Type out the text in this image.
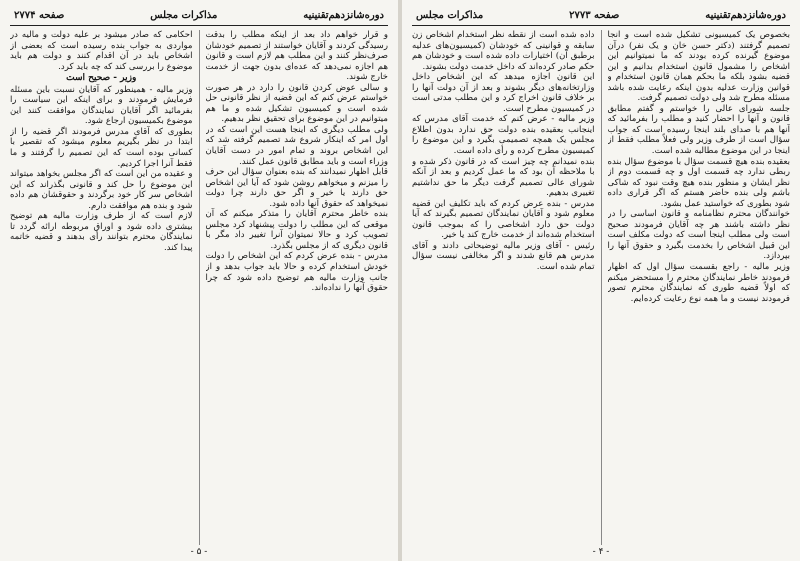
دوره‌شانزدهم‌تقنینیه
مذاکرات مجلس
صفحه ۲۷۷۴

و قرار خواهم داد بعد از اینکه مطلب را بدقت رسیدگی کردند و آقایان خواستند از تصمیم خودشان صرف‌نظر کنند و این مطلب هم لازم است و قانون هم اجازه نمی‌دهد که عده‌ای بدون جهت از خدمت خارج شوند.

و سالی عوض کردن قانون را دارد در هر صورت خواستم عرض کنم که این قضیه از نظر قانونی حل شده است و کمیسیون تشکیل شده و ما هم میتوانیم در این موضوع برای تحقیق نظر بدهیم.

ولی مطلب دیگری که اینجا هست این است که در اول امر که اینکار شروع شد تصمیم گرفته شد که این اشخاص بروند و تمام امور در دست آقایان وزراء است و باید مطابق قانون عمل کنند.

قابل اظهار نمیدانند که بنده بعنوان سؤال این حرف را میزنم و میخواهم روشن شود که آیا این اشخاص حق دارند یا خیر و اگر حق دارند چرا دولت نمیخواهد که حقوق آنها داده شود.

بنده خاطر محترم آقایان را متذکر میکنم که آن موقعی که این مطلب را دولت پیشنهاد کرد مجلس تصویب کرد و حالا نمیتوان آنرا تغییر داد مگر با قانون دیگری که از مجلس بگذرد.

مدرس - بنده عرض کردم که این اشخاص را دولت خودش استخدام کرده و حالا باید جواب بدهد و از جانب وزارت مالیه هم توضیح داده شود که چرا حقوق آنها را نداده‌اند.

احکامی که صادر میشود بر علیه دولت و مالیه در مواردی به جواب بنده رسیده است که بعضی از اشخاص باید در آن اقدام کنند و دولت هم باید موضوع را بررسی کند که چه باید کرد.

وزیر - صحیح است

وزیر مالیه - همینطور که آقایان نسبت باین مسئله فرمایش فرمودند و برای اینکه این سیاست را بفرمائید اگر آقایان نمایندگان موافقت کنند این موضوع بکمیسیون ارجاع شود.

بطوری که آقای مدرس فرمودند اگر قضیه را از ابتدا در نظر بگیریم معلوم میشود که تقصیر با کسانی بوده است که این تصمیم را گرفتند و ما فقط آنرا اجرا کردیم.

و عقیده من این است که اگر مجلس بخواهد میتواند این موضوع را حل کند و قانونی بگذراند که این اشخاص سر کار خود برگردند و حقوقشان هم داده شود و بنده هم موافقت دارم.

لازم است که از طرف وزارت مالیه هم توضیح بیشتری داده شود و اوراق مربوطه ارائه گردد تا نمایندگان محترم بتوانند رأی بدهند و قضیه خاتمه پیدا کند.

- ۵ -
دوره‌شانزدهم‌تقنینیه
صفحه ۲۷۷۳
مذاکرات مجلس

بخصوص یک کمیسیونی تشکیل شده است و آنجا تصمیم گرفتند (دکتر حسن خان و یک نفر) درآن موضوع گیرنده کرده بودند که ما نمیتوانیم این اشخاص را مشمول قانون استخدام بدانیم و این قضیه بشود بلکه ما بحکم همان قانون استخدام و قوانین وزارت عدلیه بدون اینکه رعایت شده باشد مسئله مطرح شد ولی دولت تصمیم گرفت.

جلسه شورای عالی را خواستم و گفتم مطابق قانون و آنها را احضار کنید و مطلب را بفرمائید که آنها هم با صدای بلند اینجا رسیده است که جواب سؤال است از طرف وزیر ولی فعلاً مطلب فقط از اینجا در این موضوع مطالبه شده است.

بعقیده بنده هیچ قسمت سؤال با موضوع سؤال بنده ربطی ندارد چه قسمت اول و چه قسمت دوم از نظر ایشان و منظور بنده هیچ وقت نبود که شاکی باشم ولی بنده حاضر هستم که اگر قراری داده شود بطوری که خواستید عمل بشود.

خوانندگان محترم نظامنامه و قانون اساسی را در نظر داشته باشند هر چه آقایان فرمودند صحیح است ولی مطلب اینجا است که دولت مکلف است این قبیل اشخاص را بخدمت بگیرد و حقوق آنها را بپردازد.

وزیر مالیه - راجع بقسمت سؤال اول که اظهار فرمودند خاطر نمایندگان محترم را مستحضر میکنم که اولاً قضیه طوری که نمایندگان محترم تصور فرمودند نیست و ما همه نوع رعایت کرده‌ایم.

داده شده است از نقطه نظر استخدام اشخاص زن سابقه و قوانینی که خودشان (کمیسیون‌های عدلیه برطبق آن) اختیارات داده شده است و خودشان هم حکم صادر کرده‌اند که داخل خدمت دولت بشوند.

این قانون اجازه میدهد که این اشخاص داخل وزارتخانه‌های دیگر بشوند و بعد از آن دولت آنها را بر خلاف قانون اخراج کرد و این مطلب مدتی است در کمیسیون مطرح است.

وزیر مالیه - عرض کنم که خدمت آقای مدرس که اینجانب بعقیده بنده دولت حق ندارد بدون اطلاع مجلس یک همچه تصمیمی بگیرد و این موضوع را کمیسیون مطرح کرده و رأی داده است.

بنده نمیدانم چه چیز است که در قانون ذکر شده و با ملاحظه آن بود که ما عمل کردیم و بعد از آنکه شورای عالی تصمیم گرفت دیگر ما حق نداشتیم تغییری بدهیم.

مدرس - بنده عرض کردم که باید تکلیف این قضیه معلوم شود و آقایان نمایندگان تصمیم بگیرند که آیا دولت حق دارد اشخاصی را که بموجب قانون استخدام شده‌اند از خدمت خارج کند یا خیر.

رئیس - آقای وزیر مالیه توضیحاتی دادند و آقای مدرس هم قانع شدند و اگر مخالفی نیست سؤال تمام شده است.

- ۴ -
